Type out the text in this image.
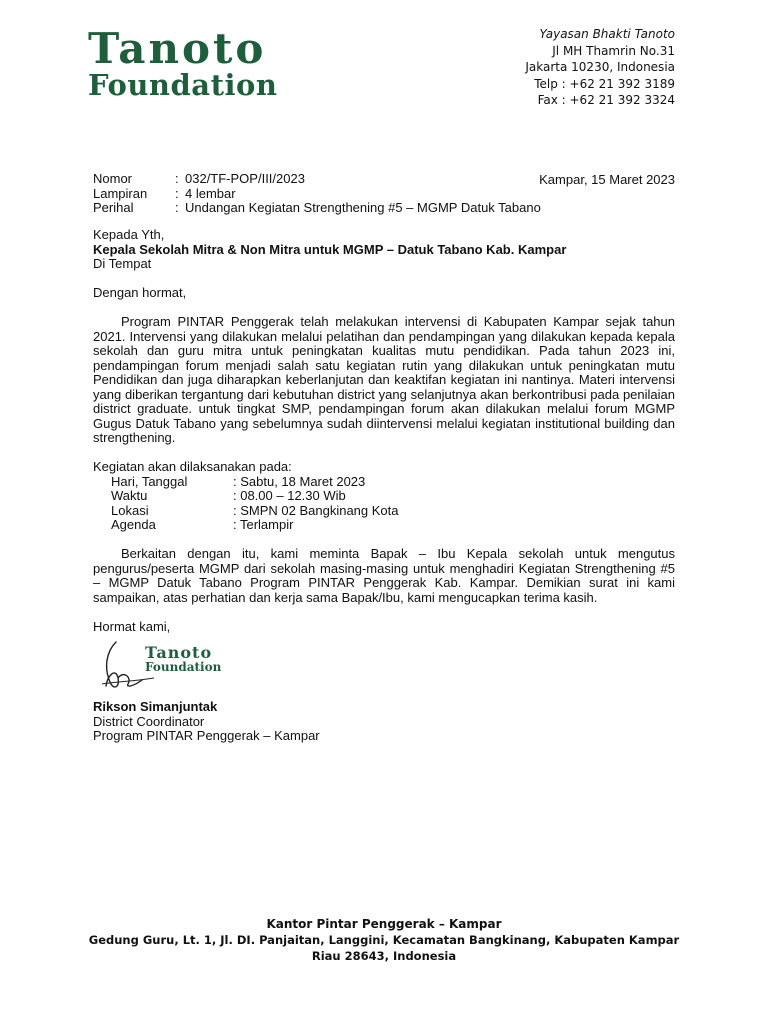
Tanoto
Foundation
Yayasan Bhakti Tanoto
Jl MH Thamrin No.31
Jakarta 10230, Indonesia
Telp : +62 21 392 3189
Fax : +62 21 392 3324
Nomor	: 032/TF-POP/III/2023
Lampiran	: 4 lembar
Perihal	: Undangan Kegiatan Strengthening #5 – MGMP Datuk Tabano
Kampar, 15 Maret 2023

Kepada Yth,

Kepala Sekolah Mitra & Non Mitra untuk MGMP – Datuk Tabano Kab. Kampar

Di Tempat

Dengan hormat,

Program PINTAR Penggerak telah melakukan intervensi di Kabupaten Kampar sejak tahun 2021. Intervensi yang dilakukan melalui pelatihan dan pendampingan yang dilakukan kepada kepala sekolah dan guru mitra untuk peningkatan kualitas mutu pendidikan. Pada tahun 2023 ini, pendampingan forum menjadi salah satu kegiatan rutin yang dilakukan untuk peningkatan mutu Pendidikan dan juga diharapkan keberlanjutan dan keaktifan kegiatan ini nantinya. Materi intervensi yang diberikan tergantung dari kebutuhan district yang selanjutnya akan berkontribusi pada penilaian district graduate. untuk tingkat SMP, pendampingan forum akan dilakukan melalui forum MGMP Gugus Datuk Tabano yang sebelumnya sudah diintervensi melalui kegiatan institutional building dan strengthening.

Kegiatan akan dilaksanakan pada:

Hari, Tanggal	: Sabtu, 18 Maret 2023
Waktu	: 08.00 – 12.30 Wib
Lokasi	: SMPN 02 Bangkinang Kota
Agenda	: Terlampir

Berkaitan dengan itu, kami meminta Bapak – Ibu Kepala sekolah untuk mengutus pengurus/peserta MGMP dari sekolah masing-masing untuk menghadiri Kegiatan Strengthening #5 – MGMP Datuk Tabano Program PINTAR Penggerak Kab. Kampar. Demikian surat ini kami sampaikan, atas perhatian dan kerja sama Bapak/Ibu, kami mengucapkan terima kasih.

Hormat kami,

Tanoto
Foundation

Rikson Simanjuntak

District Coordinator

Program PINTAR Penggerak – Kampar

Kantor Pintar Penggerak – Kampar
Gedung Guru, Lt. 1, Jl. DI. Panjaitan, Langgini, Kecamatan Bangkinang, Kabupaten Kampar
Riau 28643, Indonesia
